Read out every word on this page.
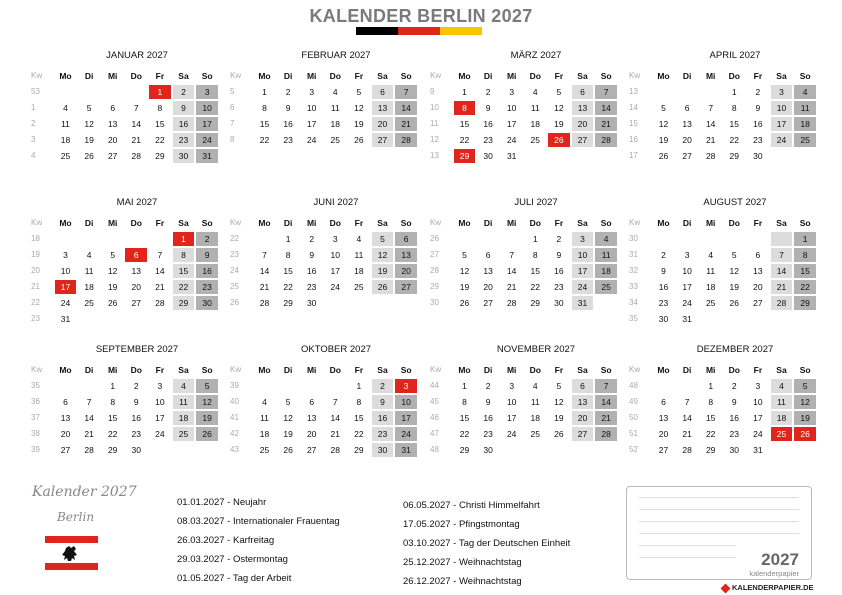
KALENDER BERLIN 2027
JANUAR 2027
Kw	Mo	Di	Mi	Do	Fr	Sa	So
53					1	2	3
1	4	5	6	7	8	9	10
2	11	12	13	14	15	16	17
3	18	19	20	21	22	23	24
4	25	26	27	28	29	30	31
FEBRUAR 2027
Kw	Mo	Di	Mi	Do	Fr	Sa	So
5	1	2	3	4	5	6	7
6	8	9	10	11	12	13	14
7	15	16	17	18	19	20	21
8	22	23	24	25	26	27	28
MÄRZ 2027
Kw	Mo	Di	Mi	Do	Fr	Sa	So
9	1	2	3	4	5	6	7
10	8	9	10	11	12	13	14
11	15	16	17	18	19	20	21
12	22	23	24	25	26	27	28
13	29	30	31				
APRIL 2027
Kw	Mo	Di	Mi	Do	Fr	Sa	So
13				1	2	3	4
14	5	6	7	8	9	10	11
15	12	13	14	15	16	17	18
16	19	20	21	22	23	24	25
17	26	27	28	29	30		
MAI 2027
Kw	Mo	Di	Mi	Do	Fr	Sa	So
18						1	2
19	3	4	5	6	7	8	9
20	10	11	12	13	14	15	16
21	17	18	19	20	21	22	23
22	24	25	26	27	28	29	30
23	31						
JUNI 2027
Kw	Mo	Di	Mi	Do	Fr	Sa	So
22		1	2	3	4	5	6
23	7	8	9	10	11	12	13
24	14	15	16	17	18	19	20
25	21	22	23	24	25	26	27
26	28	29	30				
JULI 2027
Kw	Mo	Di	Mi	Do	Fr	Sa	So
26				1	2	3	4
27	5	6	7	8	9	10	11
28	12	13	14	15	16	17	18
29	19	20	21	22	23	24	25
30	26	27	28	29	30	31	
AUGUST 2027
Kw	Mo	Di	Mi	Do	Fr	Sa	So
30							1
31	2	3	4	5	6	7	8
32	9	10	11	12	13	14	15
33	16	17	18	19	20	21	22
34	23	24	25	26	27	28	29
35	30	31					
SEPTEMBER 2027
Kw	Mo	Di	Mi	Do	Fr	Sa	So
35			1	2	3	4	5
36	6	7	8	9	10	11	12
37	13	14	15	16	17	18	19
38	20	21	22	23	24	25	26
39	27	28	29	30			
OKTOBER 2027
Kw	Mo	Di	Mi	Do	Fr	Sa	So
39					1	2	3
40	4	5	6	7	8	9	10
41	11	12	13	14	15	16	17
42	18	19	20	21	22	23	24
43	25	26	27	28	29	30	31
NOVEMBER 2027
Kw	Mo	Di	Mi	Do	Fr	Sa	So
44	1	2	3	4	5	6	7
45	8	9	10	11	12	13	14
46	15	16	17	18	19	20	21
47	22	23	24	25	26	27	28
48	29	30					
DEZEMBER 2027
Kw	Mo	Di	Mi	Do	Fr	Sa	So
48			1	2	3	4	5
49	6	7	8	9	10	11	12
50	13	14	15	16	17	18	19
51	20	21	22	23	24	25	26
52	27	28	29	30	31		
Kalender 2027
Berlin
01.01.2027 - Neujahr
08.03.2027 - Internationaler Frauentag
26.03.2027 - Karfreitag
29.03.2027 - Ostermontag
01.05.2027 - Tag der Arbeit
06.05.2027 - Christi Himmelfahrt
17.05.2027 - Pfingstmontag
03.10.2027 - Tag der Deutschen Einheit
25.12.2027 - Weihnachtstag
26.12.2027 - Weihnachtstag
2027
kalenderpapier
KALENDERPAPIER.DE
